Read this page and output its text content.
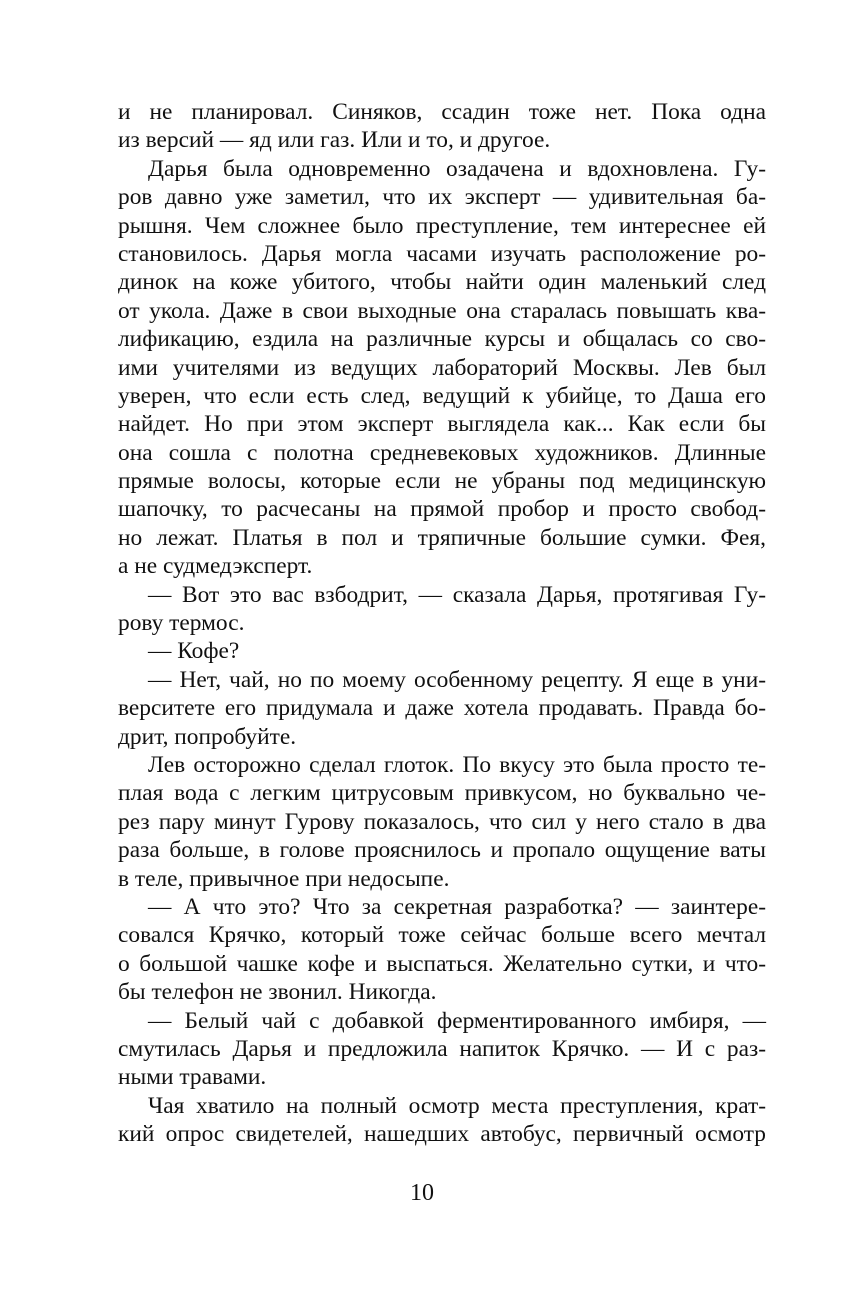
и не планировал. Синяков, ссадин тоже нет. Пока одна
из версий — яд или газ. Или и то, и другое.
Дарья была одновременно озадачена и вдохновлена. Гу-
ров давно уже заметил, что их эксперт — удивительная ба-
рышня. Чем сложнее было преступление, тем интереснее ей
становилось. Дарья могла часами изучать расположение ро-
динок на коже убитого, чтобы найти один маленький след
от укола. Даже в свои выходные она старалась повышать ква-
лификацию, ездила на различные курсы и общалась со сво-
ими учителями из ведущих лабораторий Москвы. Лев был
уверен, что если есть след, ведущий к убийце, то Даша его
найдет. Но при этом эксперт выглядела как... Как если бы
она сошла с полотна средневековых художников. Длинные
прямые волосы, которые если не убраны под медицинскую
шапочку, то расчесаны на прямой пробор и просто свобод-
но лежат. Платья в пол и тряпичные большие сумки. Фея,
а не судмедэксперт.
— Вот это вас взбодрит, — сказала Дарья, протягивая Гу-
рову термос.
— Кофе?
— Нет, чай, но по моему особенному рецепту. Я еще в уни-
верситете его придумала и даже хотела продавать. Правда бо-
дрит, попробуйте.
Лев осторожно сделал глоток. По вкусу это была просто те-
плая вода с легким цитрусовым привкусом, но буквально че-
рез пару минут Гурову показалось, что сил у него стало в два
раза больше, в голове прояснилось и пропало ощущение ваты
в теле, привычное при недосыпе.
— А что это? Что за секретная разработка? — заинтере-
совался Крячко, который тоже сейчас больше всего мечтал
о большой чашке кофе и выспаться. Желательно сутки, и что-
бы телефон не звонил. Никогда.
— Белый чай с добавкой ферментированного имбиря, —
смутилась Дарья и предложила напиток Крячко. — И с раз-
ными травами.
Чая хватило на полный осмотр места преступления, крат-
кий опрос свидетелей, нашедших автобус, первичный осмотр
10
